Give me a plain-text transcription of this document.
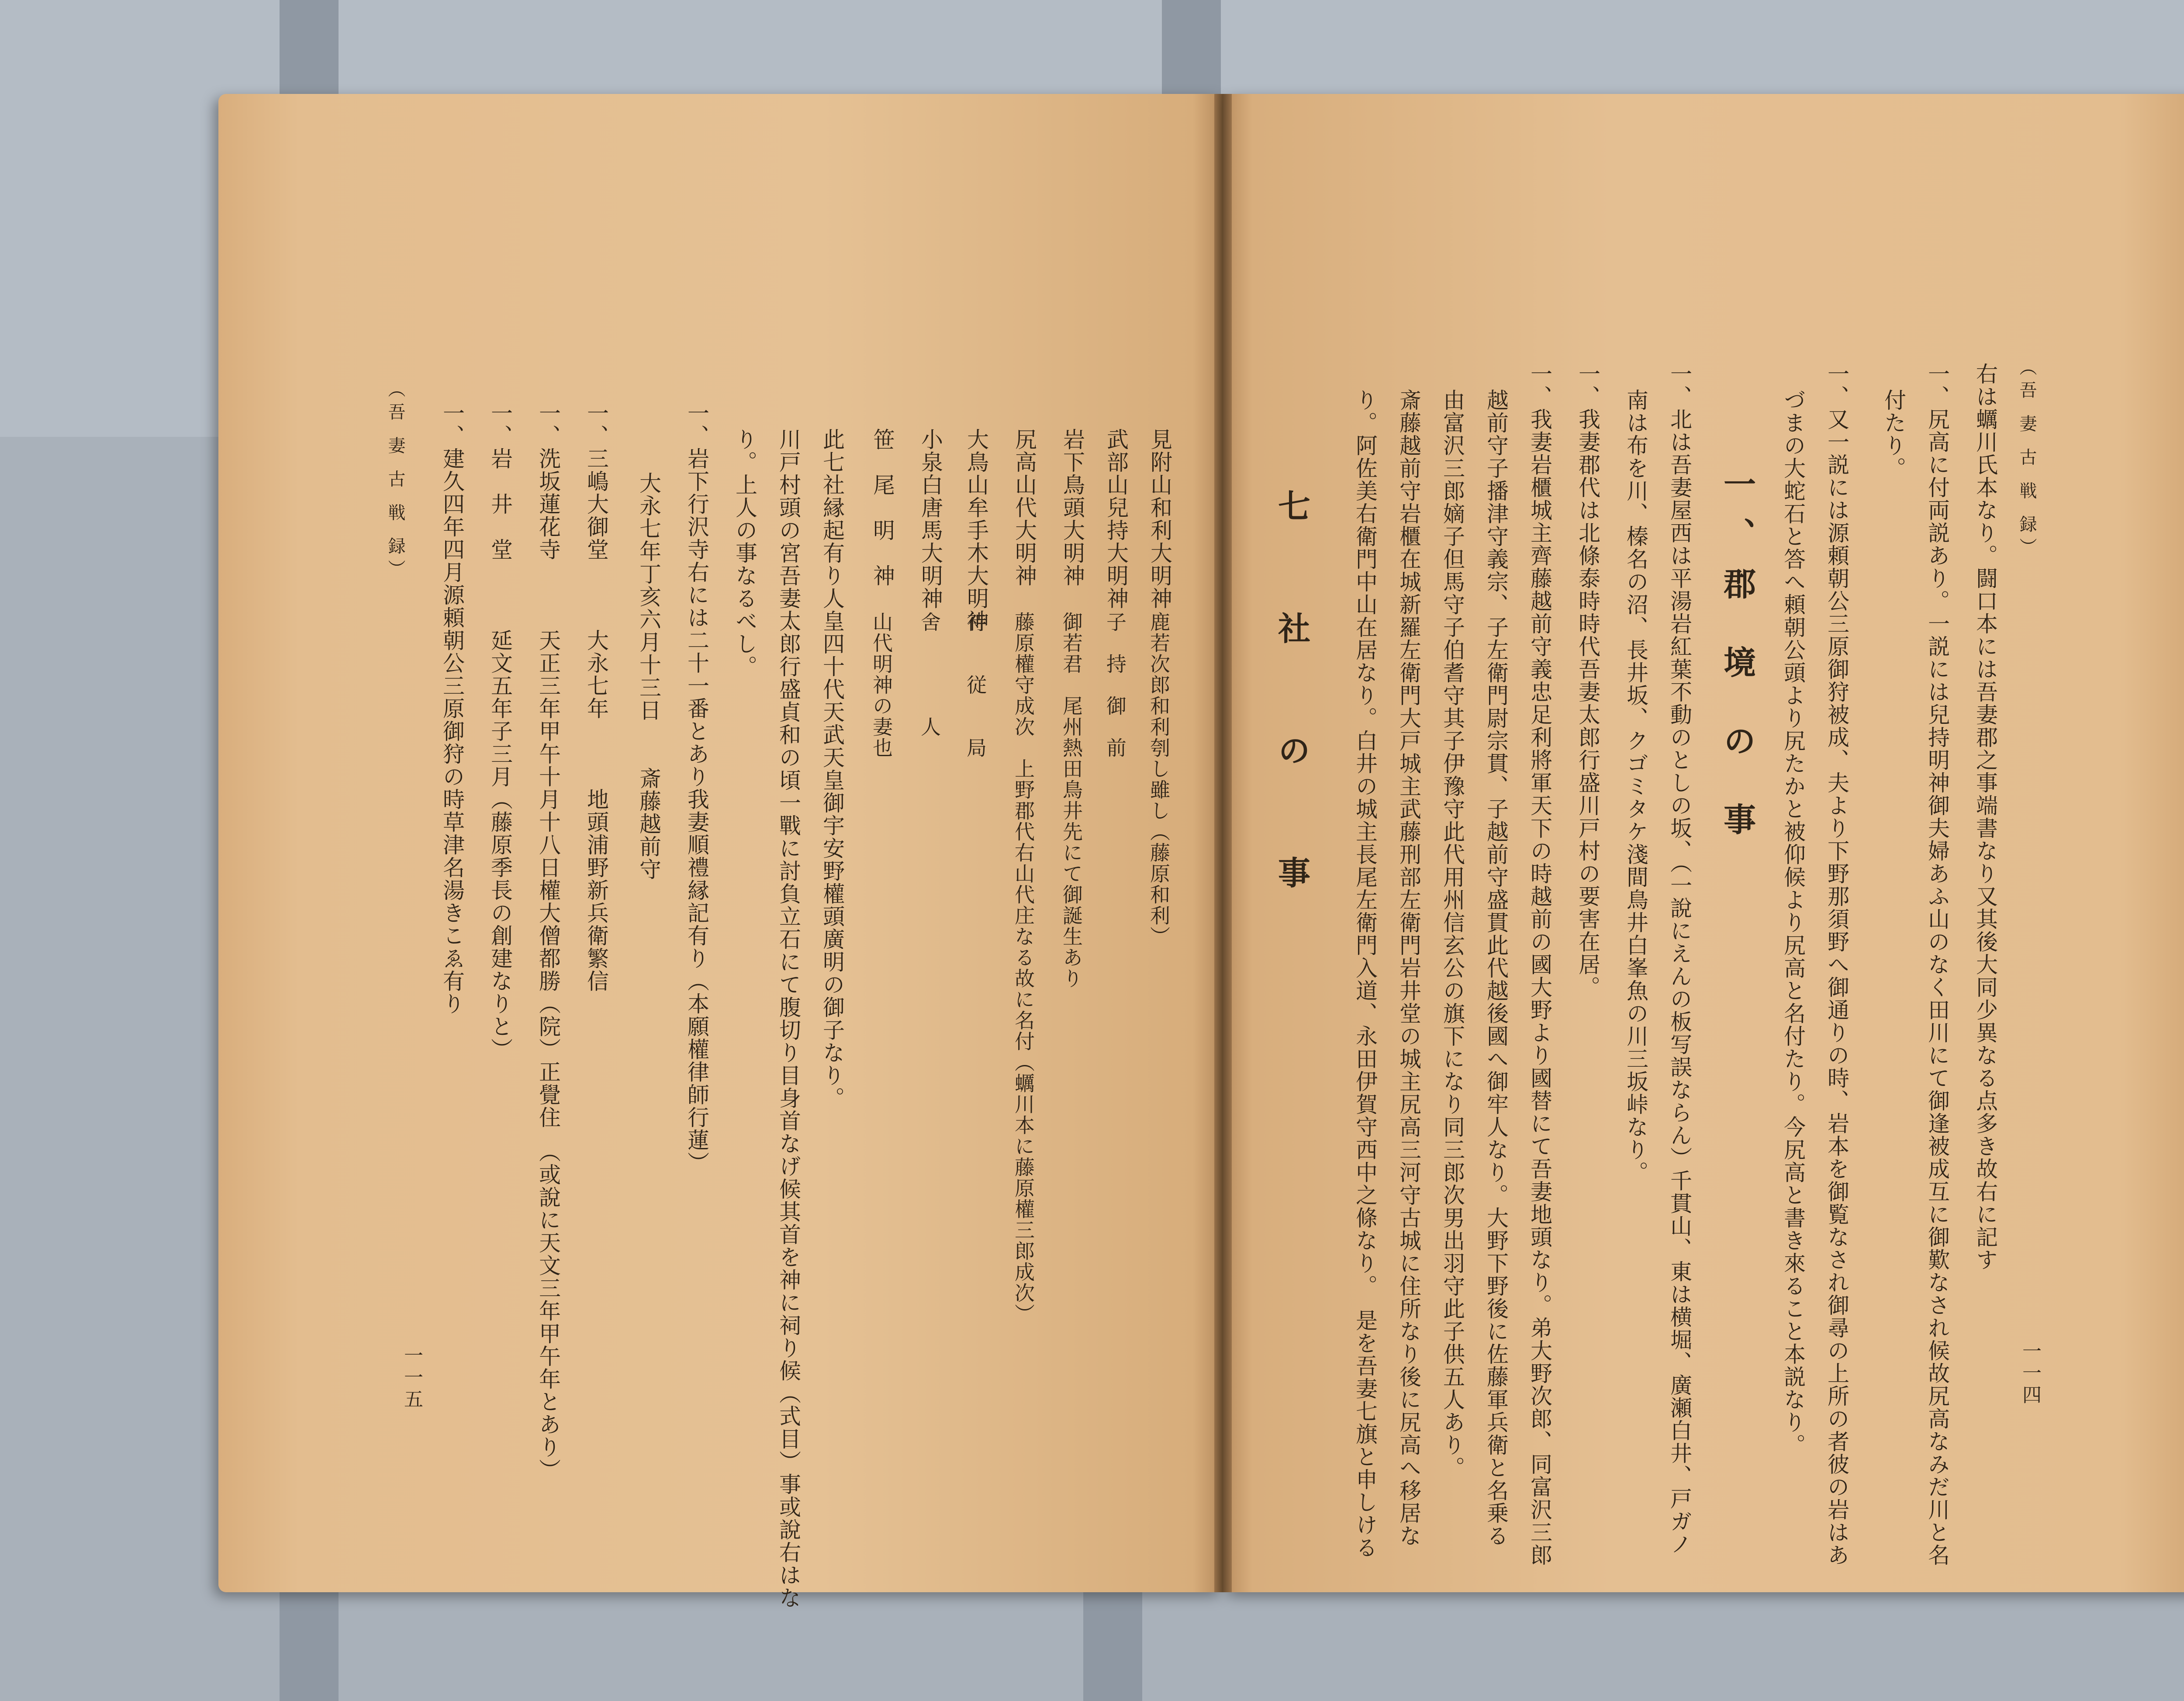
（吾 妻 古 戦 録）
一一四
右は蠣川氏本なり。闘口本には吾妻郡之事端書なり又其後大同少異なる点多き故右に記す
一、尻高に付両説あり。一説には兒持明神御夫婦あふ山のなく田川にて御逢被成互に御歎なされ候故尻高なみだ川と名
付たり。
一、又一説には源頼朝公三原御狩被成、夫より下野那須野へ御通りの時、岩本を御覧なされ御尋の上所の者彼の岩はあ
づまの大蛇石と答へ頼朝公頭より尻たかと被仰候より尻高と名付たり。今尻高と書き來ること本説なり。
一、郡 境 の 事
一、北は吾妻屋西は平湯岩紅葉不動のとしの坂、（一說にえんの板写誤ならん）千貫山、東は横堀、廣瀬白井、戸ガノ
南は布を川、榛名の沼、長井坂、クゴミタケ淺間鳥井白峯魚の川三坂峠なり。
一、我妻郡代は北條泰時時代吾妻太郎行盛川戸村の要害在居。
一、我妻岩櫃城主齊藤越前守義忠足利將軍天下の時越前の國大野より國替にて吾妻地頭なり。弟大野次郎、同富沢三郎
越前守子播津守義宗、子左衛門尉宗貫、子越前守盛貫此代越後國へ御牢人なり。大野下野後に佐藤軍兵衛と名乗る
由富沢三郎嫡子但馬守子伯耆守其子伊豫守此代用州信玄公の旗下になり同三郎次男出羽守此子供五人あり。
斎藤越前守岩櫃在城新羅左衛門大戸城主武藤刑部左衛門岩井堂の城主尻高三河守古城に住所なり後に尻高へ移居な
り。阿佐美右衛門中山在居なり。白井の城主長尾左衛門入道、永田伊賀守西中之條なり。　是を吾妻七旗と申しける
七 社 の 事
見附山和利大明神
鹿若次郎和利刳し雖し（藤原和利）
武部山兒持大明神
子　持　御　前
岩下鳥頭大明神
御若君　尾州熱田鳥井先にて御誕生あり
尻高山代大明神
藤原權守成次　上野郡代右山代庄なる故に名付（蠣川本に藤原權三郎成次）
大鳥山牟手木大明神
待　　従　　局
小泉白唐馬大明神
舍　　　　人
笹　尾　明　神
山代明神の妻也
此七社縁起有り人皇四十代天武天皇御宇安野權頭廣明の御子なり。
川戸村頭の宮吾妻太郎行盛貞和の頃一戰に討負立石にて腹切り目身首なげ候其首を神に祠り候（式目）事或說右はな
り。上人の事なるべし。
一、岩下行沢寺右には二十一番とあり我妻順禮縁記有り（本願權律師行蓮）
大永七年丁亥六月十三日　　斎藤越前守
一、三嶋大御堂　　　大永七年　　　地頭浦野新兵衛繁信
一、洗坂蓮花寺　　　天正三年甲午十月十八日權大僧都勝（院）正覺住　（或說に天文三年甲午年とあり）
一、岩　井　堂　　　延文五年子三月（藤原季長の創建なりと）
一、建久四年四月源頼朝公三原御狩の時草津名湯きこゑ有り
（吾 妻 古 戦 録）
一一五
